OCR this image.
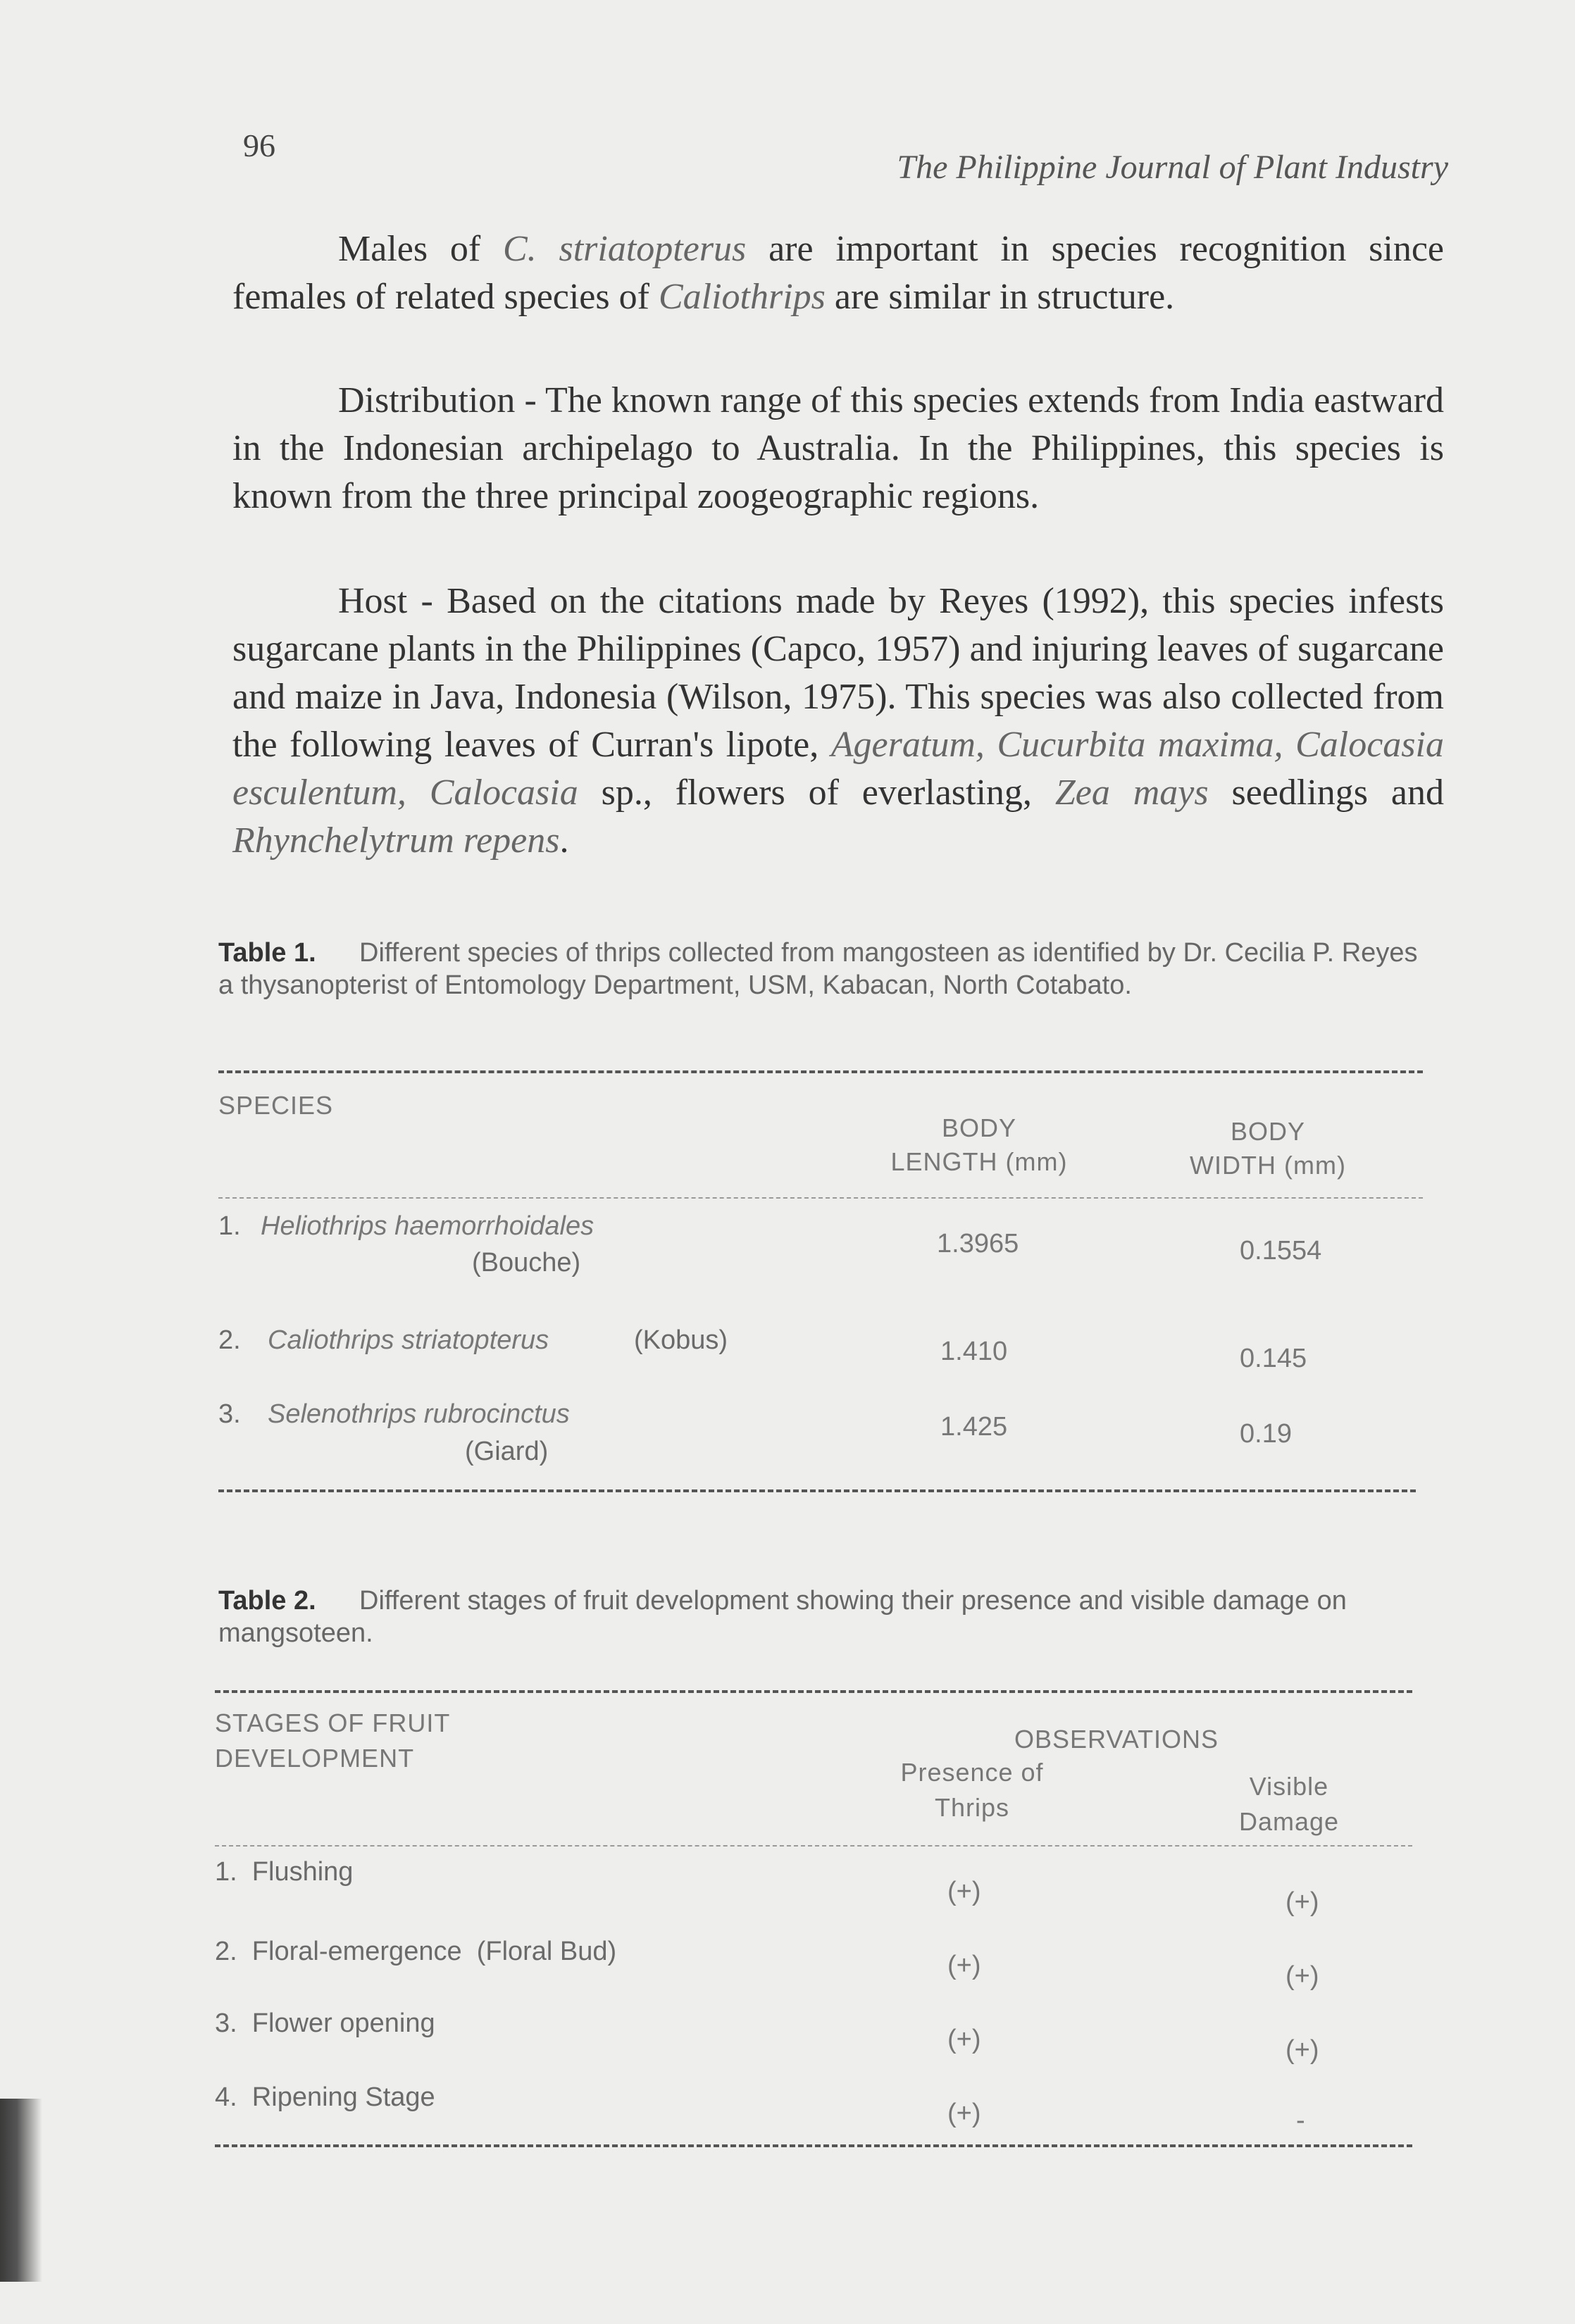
96
The Philippine Journal of Plant Industry

Males of C. striatopterus are important in species recognition since females of related species of Caliothrips are similar in structure.

Distribution - The known range of this species extends from India eastward in the Indonesian archipelago to Australia. In the Philippines, this species is known from the three principal zoogeographic regions.

Host - Based on the citations made by Reyes (1992), this species infests sugarcane plants in the Philippines (Capco, 1957) and injuring leaves of sugarcane and maize in Java, Indonesia (Wilson, 1975). This species was also collected from the following leaves of Curran's lipote, Ageratum, Cucurbita maxima, Calocasia esculentum, Calocasia sp., flowers of everlasting, Zea mays seedlings and Rhynchelytrum repens.

Table 1. Different species of thrips collected from mangosteen as identified by Dr. Cecilia P. Reyes a thysanopterist of Entomology Department, USM, Kabacan, North Cotabato.

SPECIES
BODY
LENGTH (mm)
BODY
WIDTH (mm)
1. Heliothrips haemorrhoidales
(Bouche)
1.3965	0.1554
2. Caliothrips striatopterus	(Kobus)	1.410	0.145
3. Selenothrips rubrocinctus
(Giard)
1.425	0.19

Table 2. Different stages of fruit development showing their presence and visible damage on mangsoteen.

STAGES OF FRUIT
DEVELOPMENT
OBSERVATIONS
Presence of
Thrips
Visible
Damage
1.  Flushing
(+)	(+)
2.  Floral-emergence  (Floral Bud)	(+)	(+)
3.  Flower opening
(+)	(+)
4.  Ripening Stage
(+)	-
